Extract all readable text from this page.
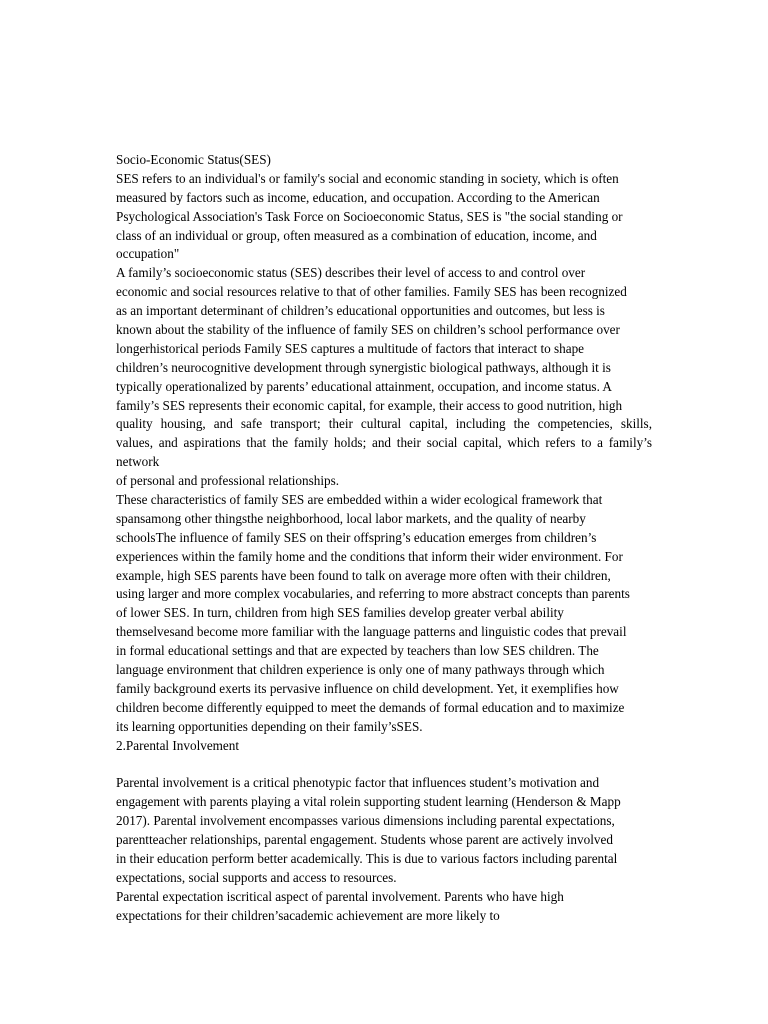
Socio-Economic Status(SES)
SES refers to an individual's or family's social and economic standing in society, which is often
measured by factors such as income, education, and occupation. According to the American
Psychological Association's Task Force on Socioeconomic Status, SES is "the social standing or
class of an individual or group, often measured as a combination of education, income, and
occupation"
A family’s socioeconomic status (SES) describes their level of access to and control over
economic and social resources relative to that of other families. Family SES has been recognized
as an important determinant of children’s educational opportunities and outcomes, but less is
known about the stability of the influence of family SES on children’s school performance over
longerhistorical periods Family SES captures a multitude of factors that interact to shape
children’s neurocognitive development through synergistic biological pathways, although it is
typically operationalized by parents’ educational attainment, occupation, and income status. A
family’s SES represents their economic capital, for example, their access to good nutrition, high
quality housing, and safe transport; their cultural capital, including the competencies, skills,
values, and aspirations that the family holds; and their social capital, which refers to a family’s
network
of personal and professional relationships.
These characteristics of family SES are embedded within a wider ecological framework that
spansamong other thingsthe neighborhood, local labor markets, and the quality of nearby
schoolsThe influence of family SES on their offspring’s education emerges from children’s
experiences within the family home and the conditions that inform their wider environment. For
example, high SES parents have been found to talk on average more often with their children,
using larger and more complex vocabularies, and referring to more abstract concepts than parents
of lower SES. In turn, children from high SES families develop greater verbal ability
themselvesand become more familiar with the language patterns and linguistic codes that prevail
in formal educational settings and that are expected by teachers than low SES children. The
language environment that children experience is only one of many pathways through which
family background exerts its pervasive influence on child development. Yet, it exemplifies how
children become differently equipped to meet the demands of formal education and to maximize
its learning opportunities depending on their family’sSES.
2.Parental Involvement
Parental involvement is a critical phenotypic factor that influences student’s motivation and
engagement with parents playing a vital rolein supporting student learning (Henderson & Mapp
2017). Parental involvement encompasses various dimensions including parental expectations,
parentteacher relationships, parental engagement. Students whose parent are actively involved
in their education perform better academically. This is due to various factors including parental
expectations, social supports and access to resources.
Parental expectation iscritical aspect of parental involvement. Parents who have high
expectations for their children’sacademic achievement are more likely to
